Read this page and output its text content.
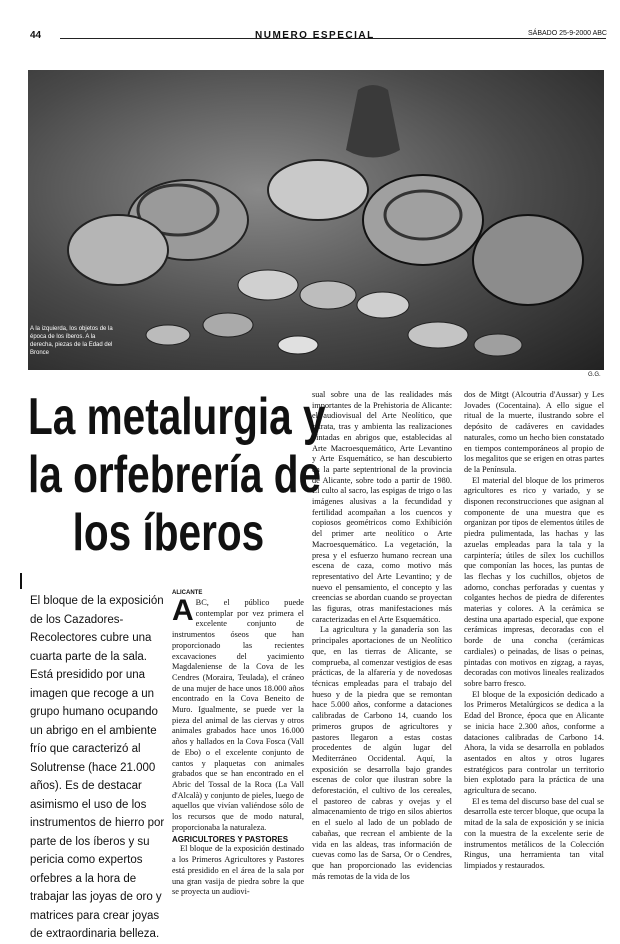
44	NUMERO ESPECIAL	SÁBADO 25-9-2000 ABC
A la izquierda, los objetos de la época de los íberos. A la derecha, piezas de la Edad del Bronce
G.G.
La metalurgia y
la orfebrería de
los íberos
El bloque de la exposición de los Cazadores-Recolectores cubre una cuarta parte de la sala. Está presidido por una imagen que recoge a un grupo humano ocupando un abrigo en el ambiente frío que caracterizó al Solutrense (hace 21.000 años). Es de destacar asimismo el uso de los instrumentos de hierro por parte de los íberos y su pericia como expertos orfebres a la hora de trabajar las joyas de oro y matrices para crear joyas de extraordinaria belleza.
ALICANTE
A BC, el público puede contemplar por vez primera el excelente conjunto de instrumentos óseos que han proporcionado las recientes excavaciones del yacimiento Magdaleniense de la Cova de les Cendres (Moraira, Teulada), el cráneo de una mujer de hace unos 18.000 años encontrado en la Cova Beneito de Muro. Igualmente, se puede ver la pieza del animal de las ciervas y otros animales grabados hace unos 16.000 años y hallados en la Cova Fosca (Vall de Ebo) o el excelente conjunto de cantos y plaquetas con animales grabados que se han encontrado en el Abric del Tossal de la Roca (La Vall d'Alcalà) y conjunto de pieles, luego de aquellos que vivían valiéndose sólo de los recursos que de modo natural, proporcionaba la naturaleza.
AGRICULTORES Y PASTORES

El bloque de la exposición destinado a los Primeros Agricultores y Pastores está presidido en el área de la sala por una gran vasija de piedra sobre la que se proyecta un audiovi-

sual sobre una de las realidades más importantes de la Prehistoria de Alicante: el audiovisual del Arte Neolítico, que retrata, tras y ambienta las realizaciones pintadas en abrigos que, establecidas al Arte Macroesquemático, Arte Levantino y Arte Esquemático, se han descubierto en la parte septentrional de la provincia de Alicante, sobre todo a partir de 1980. El culto al sacro, las espigas de trigo o las imágenes alusivas a la fecundidad y fertilidad acompañan a los cuencos y copiosos geométricos como Exhibición del primer arte neolítico o Arte Macroesquemático. La vegetación, la presa y el esfuerzo humano recrean una escena de caza, como motivo más representativo del Arte Levantino; y de nuevo el pensamiento, el concepto y las creencias se abordan cuando se proyectan las figuras, otras manifestaciones más caracterizadas en el Arte Esquemático.

La agricultura y la ganadería son las principales aportaciones de un Neolítico que, en las tierras de Alicante, se comprueba, al comenzar vestigios de esas prácticas, de la alfarería y de novedosas técnicas empleadas para el trabajo del hueso y de la piedra que se remontan hace 5.000 años, conforme a dataciones calibradas de Carbono 14, cuando los primeros grupos de agricultores y pastores llegaron a estas costas procedentes de algún lugar del Mediterráneo Occidental. Aquí, la exposición se desarrolla bajo grandes escenas de color que ilustran sobre la deforestación, el cultivo de los cereales, el pastoreo de cabras y ovejas y el almacenamiento de trigo en silos abiertos en el suelo al lado de un poblado de cabañas, que recrean el ambiente de la vida en las aldeas, tras información de cuevas como las de Sarsa, Or o Cendres, que han proporcionado las evidencias más remotas de la vida de los

dos de Mitgt (Alcoutria d'Aussar) y Les Jovades (Cocentaina). A ello sigue el ritual de la muerte, ilustrando sobre el depósito de cadáveres en cavidades naturales, como un hecho bien constatado en tiempos contemporáneos al propio de los megalitos que se erigen en otras partes de la Península.

El material del bloque de los primeros agricultores es rico y variado, y se disponen reconstrucciones que asignan al componente de una muestra que es organizan por tipos de elementos útiles de piedra pulimentada, las hachas y las azuelas empleadas para la tala y la carpintería; útiles de sílex los cuchillos que componían las hoces, las puntas de las flechas y los cuchillos, objetos de adorno, conchas perforadas y cuentas y colgantes hechos de piedra de diferentes materias y colores. A la cerámica se destina una apartado especial, que expone cerámicas impresas, decoradas con el borde de una concha (cerámicas cardiales) o peinadas, de lisas o peinas, pintadas con motivos en zigzag, a rayas, decoradas con motivos lineales realizados sobre barro fresco.

El bloque de la exposición dedicado a los Primeros Metalúrgicos se dedica a la Edad del Bronce, época que en Alicante se inicia hace 2.300 años, conforme a dataciones calibradas de Carbono 14. Ahora, la vida se desarrolla en poblados asentados en altos y otros lugares estratégicos para controlar un territorio bien explotado para la práctica de una agricultura de secano.

El es tema del discurso base del cual se desarrolla este tercer bloque, que ocupa la mitad de la sala de exposición y se inicia con la muestra de la excelente serie de instrumentos metálicos de la Colección Ringus, una herramienta tan vital limpiados y restaurados.
